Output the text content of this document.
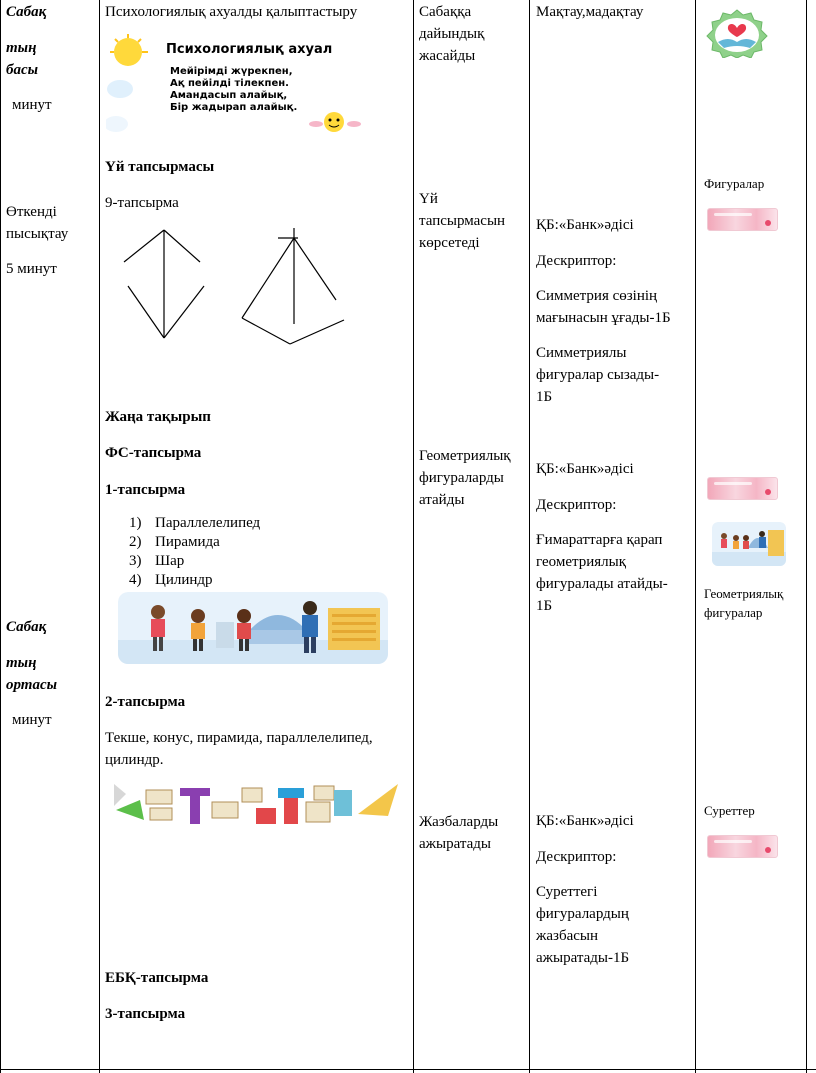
Сабақ
тың
басы
минут
Өткенді
пысықтау
5 минут
Сабақ
тың
ортасы
минут
Психологиялық ахуалды қалыптастыру
Психологиялық ахуал
Мейірімді жүрекпен,
Ақ пейілді тілекпен.
Амандасып алайық,
Бір жадырап алайық.
Үй тапсырмасы
9-тапсырма
Жаңа тақырып
ФС-тапсырма
1-тапсырма
1) Параллелелипед
2) Пирамида
3) Шар
4) Цилиндр
2-тапсырма
Текше, конус, пирамида, параллелелипед,
цилиндр.
ЕБҚ-тапсырма
3-тапсырма
Сабаққа
дайындық
жасайды
Үй
тапсырмасын
көрсетеді
Геометриялық
фигураларды
атайды
Жазбаларды
ажыратады
Мақтау,мадақтау
ҚБ:«Банк»әдісі
Дескриптор:
Симметрия сөзінің
мағынасын ұғады-1Б
Симметриялы
фигуралар сызады-
1Б
ҚБ:«Банк»әдісі
Дескриптор:
Ғимараттарға қарап
геометриялық
фигуралады атайды-
1Б
ҚБ:«Банк»әдісі
Дескриптор:
Суреттегі
фигуралардың
жазбасын
ажыратады-1Б
Фигуралар
Геометриялық
фигуралар
Суреттер
